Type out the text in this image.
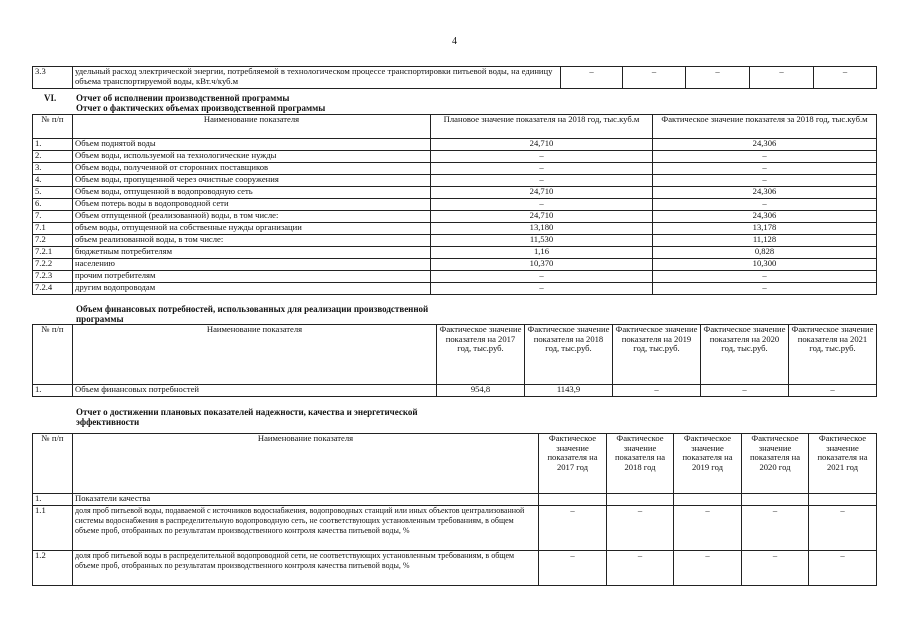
4
3.3	удельный расход электрической энергии, потребляемой в технологическом процессе транспортировки питьевой воды, на единицу объема транспортируемой воды, кВт.ч/куб.м	–	–	–	–	–
VI. Отчет об исполнении производственной программы
Отчет о фактических объемах производственной программы
№ п/п	Наименование показателя	Плановое значение показателя на 2018 год, тыс.куб.м	Фактическое значение показателя за 2018 год, тыс.куб.м
1.	Объем поднятой воды	24,710	24,306
2.	Объем воды, используемой на технологические нужды	–	–
3.	Объем воды, полученной от сторонних поставщиков	–	–
4.	Объем воды, пропущенной через очистные сооружения	–	–
5.	Объем воды, отпущенной в водопроводную сеть	24,710	24,306
6.	Объем потерь воды в водопроводной сети	–	–
7.	Объем отпущенной (реализованной) воды, в том числе:	24,710	24,306
7.1	объем воды, отпущенной на собственные нужды организации	13,180	13,178
7.2	объем реализованной воды, в том числе:	11,530	11,128
7.2.1	бюджетным потребителям	1,16	0,828
7.2.2	населению	10,370	10,300
7.2.3	прочим потребителям	–	–
7.2.4	другим водопроводам	–	–
Объем финансовых потребностей, использованных для реализации производственной
программы
№ п/п	Наименование показателя	Фактическое значение показателя на 2017 год, тыс.руб.	Фактическое значение показателя на 2018 год, тыс.руб.	Фактическое значение показателя на 2019 год, тыс.руб.	Фактическое значение показателя на 2020 год, тыс.руб.	Фактическое значение показателя на 2021 год, тыс.руб.
1.	Объем финансовых потребностей	954,8	1143,9	–	–	–
Отчет о достижении плановых показателей надежности, качества и энергетической
эффективности
№ п/п	Наименование показателя	Фактическое значение показателя на 2017 год	Фактическое значение показателя на 2018 год	Фактическое значение показателя на 2019 год	Фактическое значение показателя на 2020 год	Фактическое значение показателя на 2021 год
1.	Показатели качества					
1.1	доля проб питьевой воды, подаваемой с источников водоснабжения, водопроводных станций или иных объектов централизованной системы водоснабжения в распределительную водопроводную сеть, не соответствующих установленным требованиям, в общем объеме проб, отобранных по результатам производственного контроля качества питьевой воды, %	–	–	–	–	–
1.2	доля проб питьевой воды в распределительной водопроводной сети, не соответствующих установленным требованиям, в общем объеме проб, отобранных по результатам производственного контроля качества питьевой воды, %	–	–	–	–	–
